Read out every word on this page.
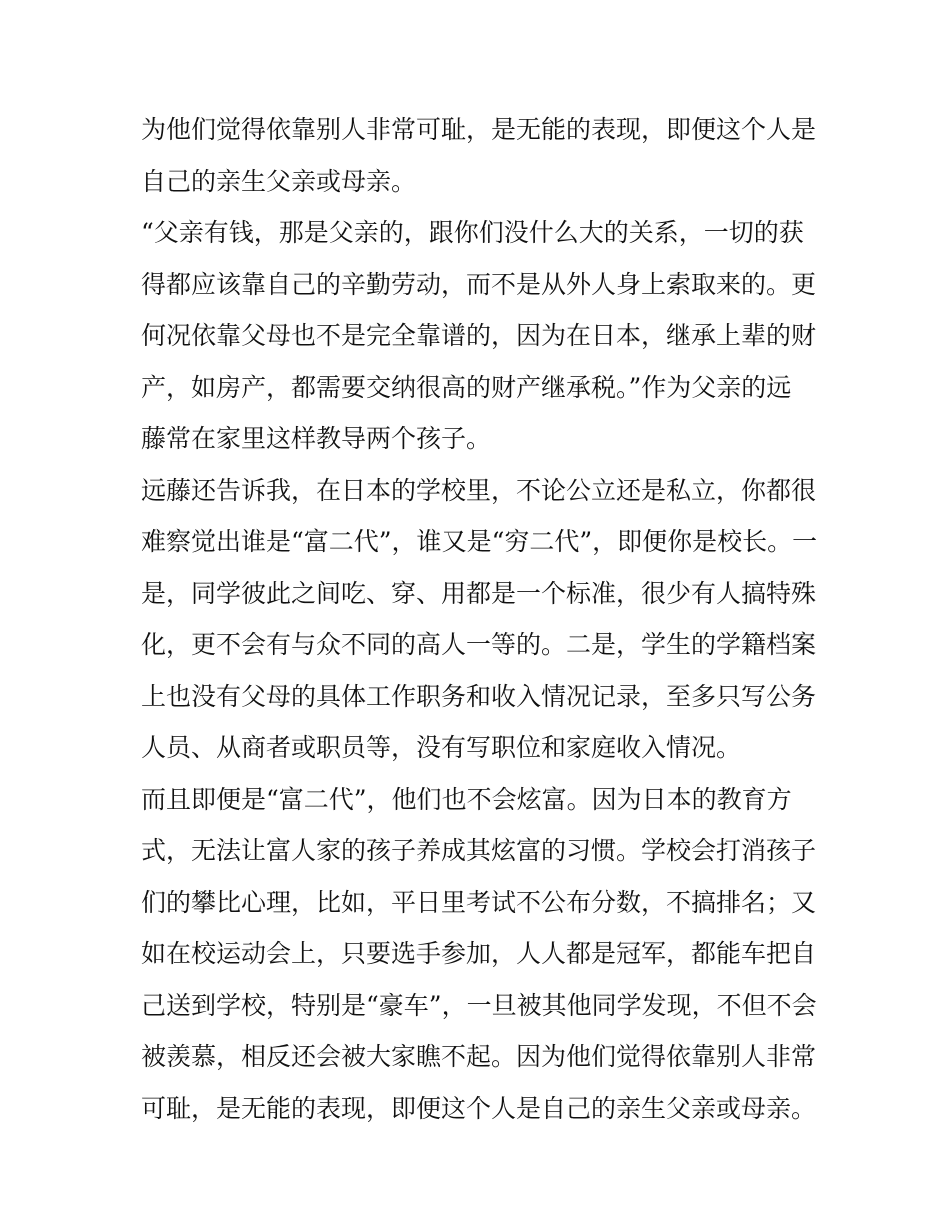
为他们觉得依靠别人非常可耻，是无能的表现，即便这个人是
自己的亲生父亲或母亲。
“父亲有钱，那是父亲的，跟你们没什么大的关系，一切的获
得都应该靠自己的辛勤劳动，而不是从外人身上索取来的。更
何况依靠父母也不是完全靠谱的，因为在日本，继承上辈的财
产，如房产，都需要交纳很高的财产继承税。”作为父亲的远
藤常在家里这样教导两个孩子。
远藤还告诉我，在日本的学校里，不论公立还是私立，你都很
难察觉出谁是“富二代”，谁又是“穷二代”，即便你是校长。一
是，同学彼此之间吃、穿、用都是一个标准，很少有人搞特殊
化，更不会有与众不同的高人一等的。二是，学生的学籍档案
上也没有父母的具体工作职务和收入情况记录，至多只写公务
人员、从商者或职员等，没有写职位和家庭收入情况。
而且即便是“富二代”，他们也不会炫富。因为日本的教育方
式，无法让富人家的孩子养成其炫富的习惯。学校会打消孩子
们的攀比心理，比如，平日里考试不公布分数，不搞排名；又
如在校运动会上，只要选手参加，人人都是冠军，都能车把自
己送到学校，特别是“豪车”，一旦被其他同学发现，不但不会
被羡慕，相反还会被大家瞧不起。因为他们觉得依靠别人非常
可耻，是无能的表现，即便这个人是自己的亲生父亲或母亲。
